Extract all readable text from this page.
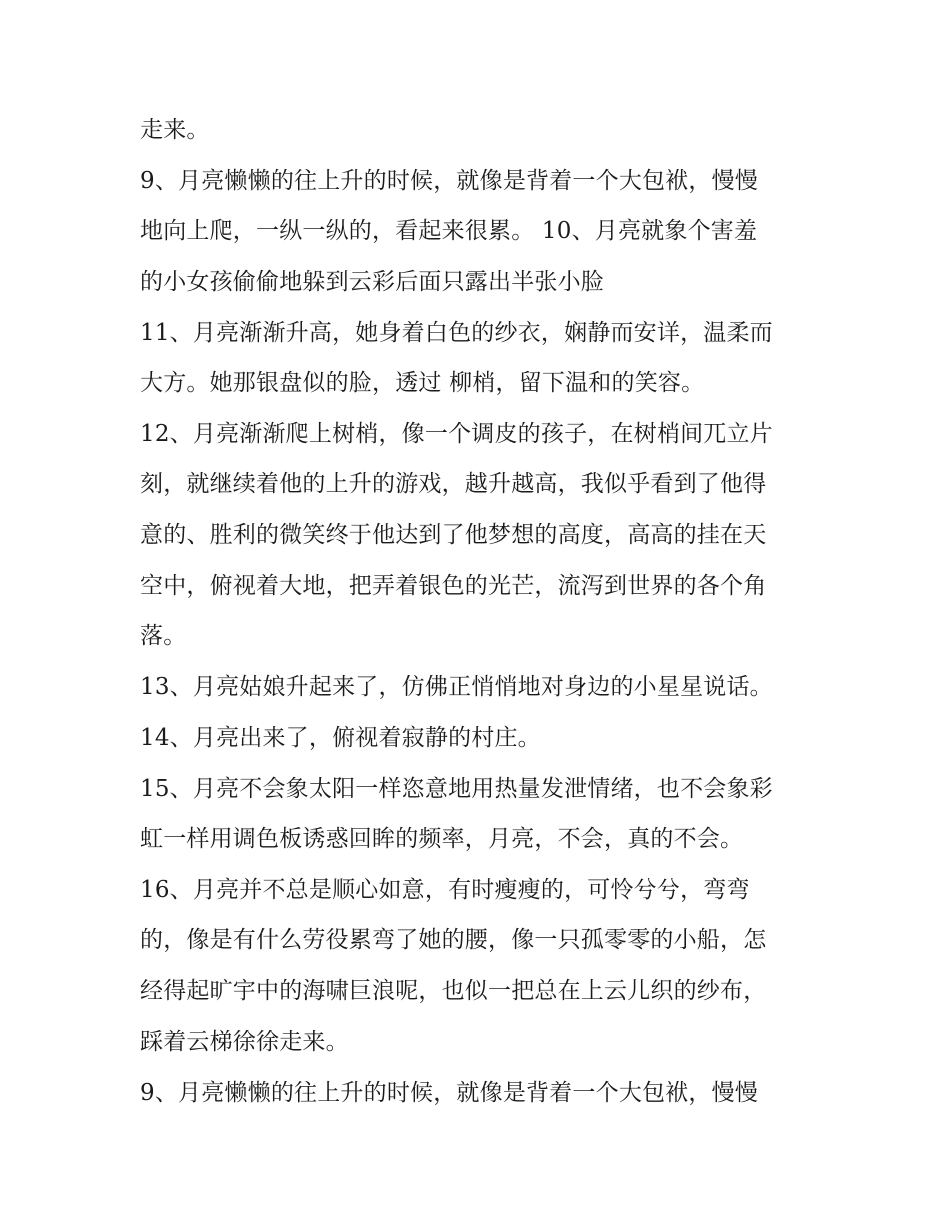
走来。
9、月亮懒懒的往上升的时候，就像是背着一个大包袱，慢慢
地向上爬，一纵一纵的，看起来很累。 10、月亮就象个害羞
的小女孩偷偷地躲到云彩后面只露出半张小脸
11、月亮渐渐升高，她身着白色的纱衣，娴静而安详，温柔而
大方。她那银盘似的脸，透过 柳梢，留下温和的笑容。
12、月亮渐渐爬上树梢，像一个调皮的孩子，在树梢间兀立片
刻，就继续着他的上升的游戏，越升越高，我似乎看到了他得
意的、胜利的微笑终于他达到了他梦想的高度，高高的挂在天
空中，俯视着大地，把弄着银色的光芒，流泻到世界的各个角
落。
13、月亮姑娘升起来了，仿佛正悄悄地对身边的小星星说话。
14、月亮出来了，俯视着寂静的村庄。
15、月亮不会象太阳一样恣意地用热量发泄情绪，也不会象彩
虹一样用调色板诱惑回眸的频率，月亮，不会，真的不会。
16、月亮并不总是顺心如意，有时瘦瘦的，可怜兮兮，弯弯
的，像是有什么劳役累弯了她的腰，像一只孤零零的小船，怎
经得起旷宇中的海啸巨浪呢，也似一把总在上云儿织的纱布，
踩着云梯徐徐走来。
9、月亮懒懒的往上升的时候，就像是背着一个大包袱，慢慢
